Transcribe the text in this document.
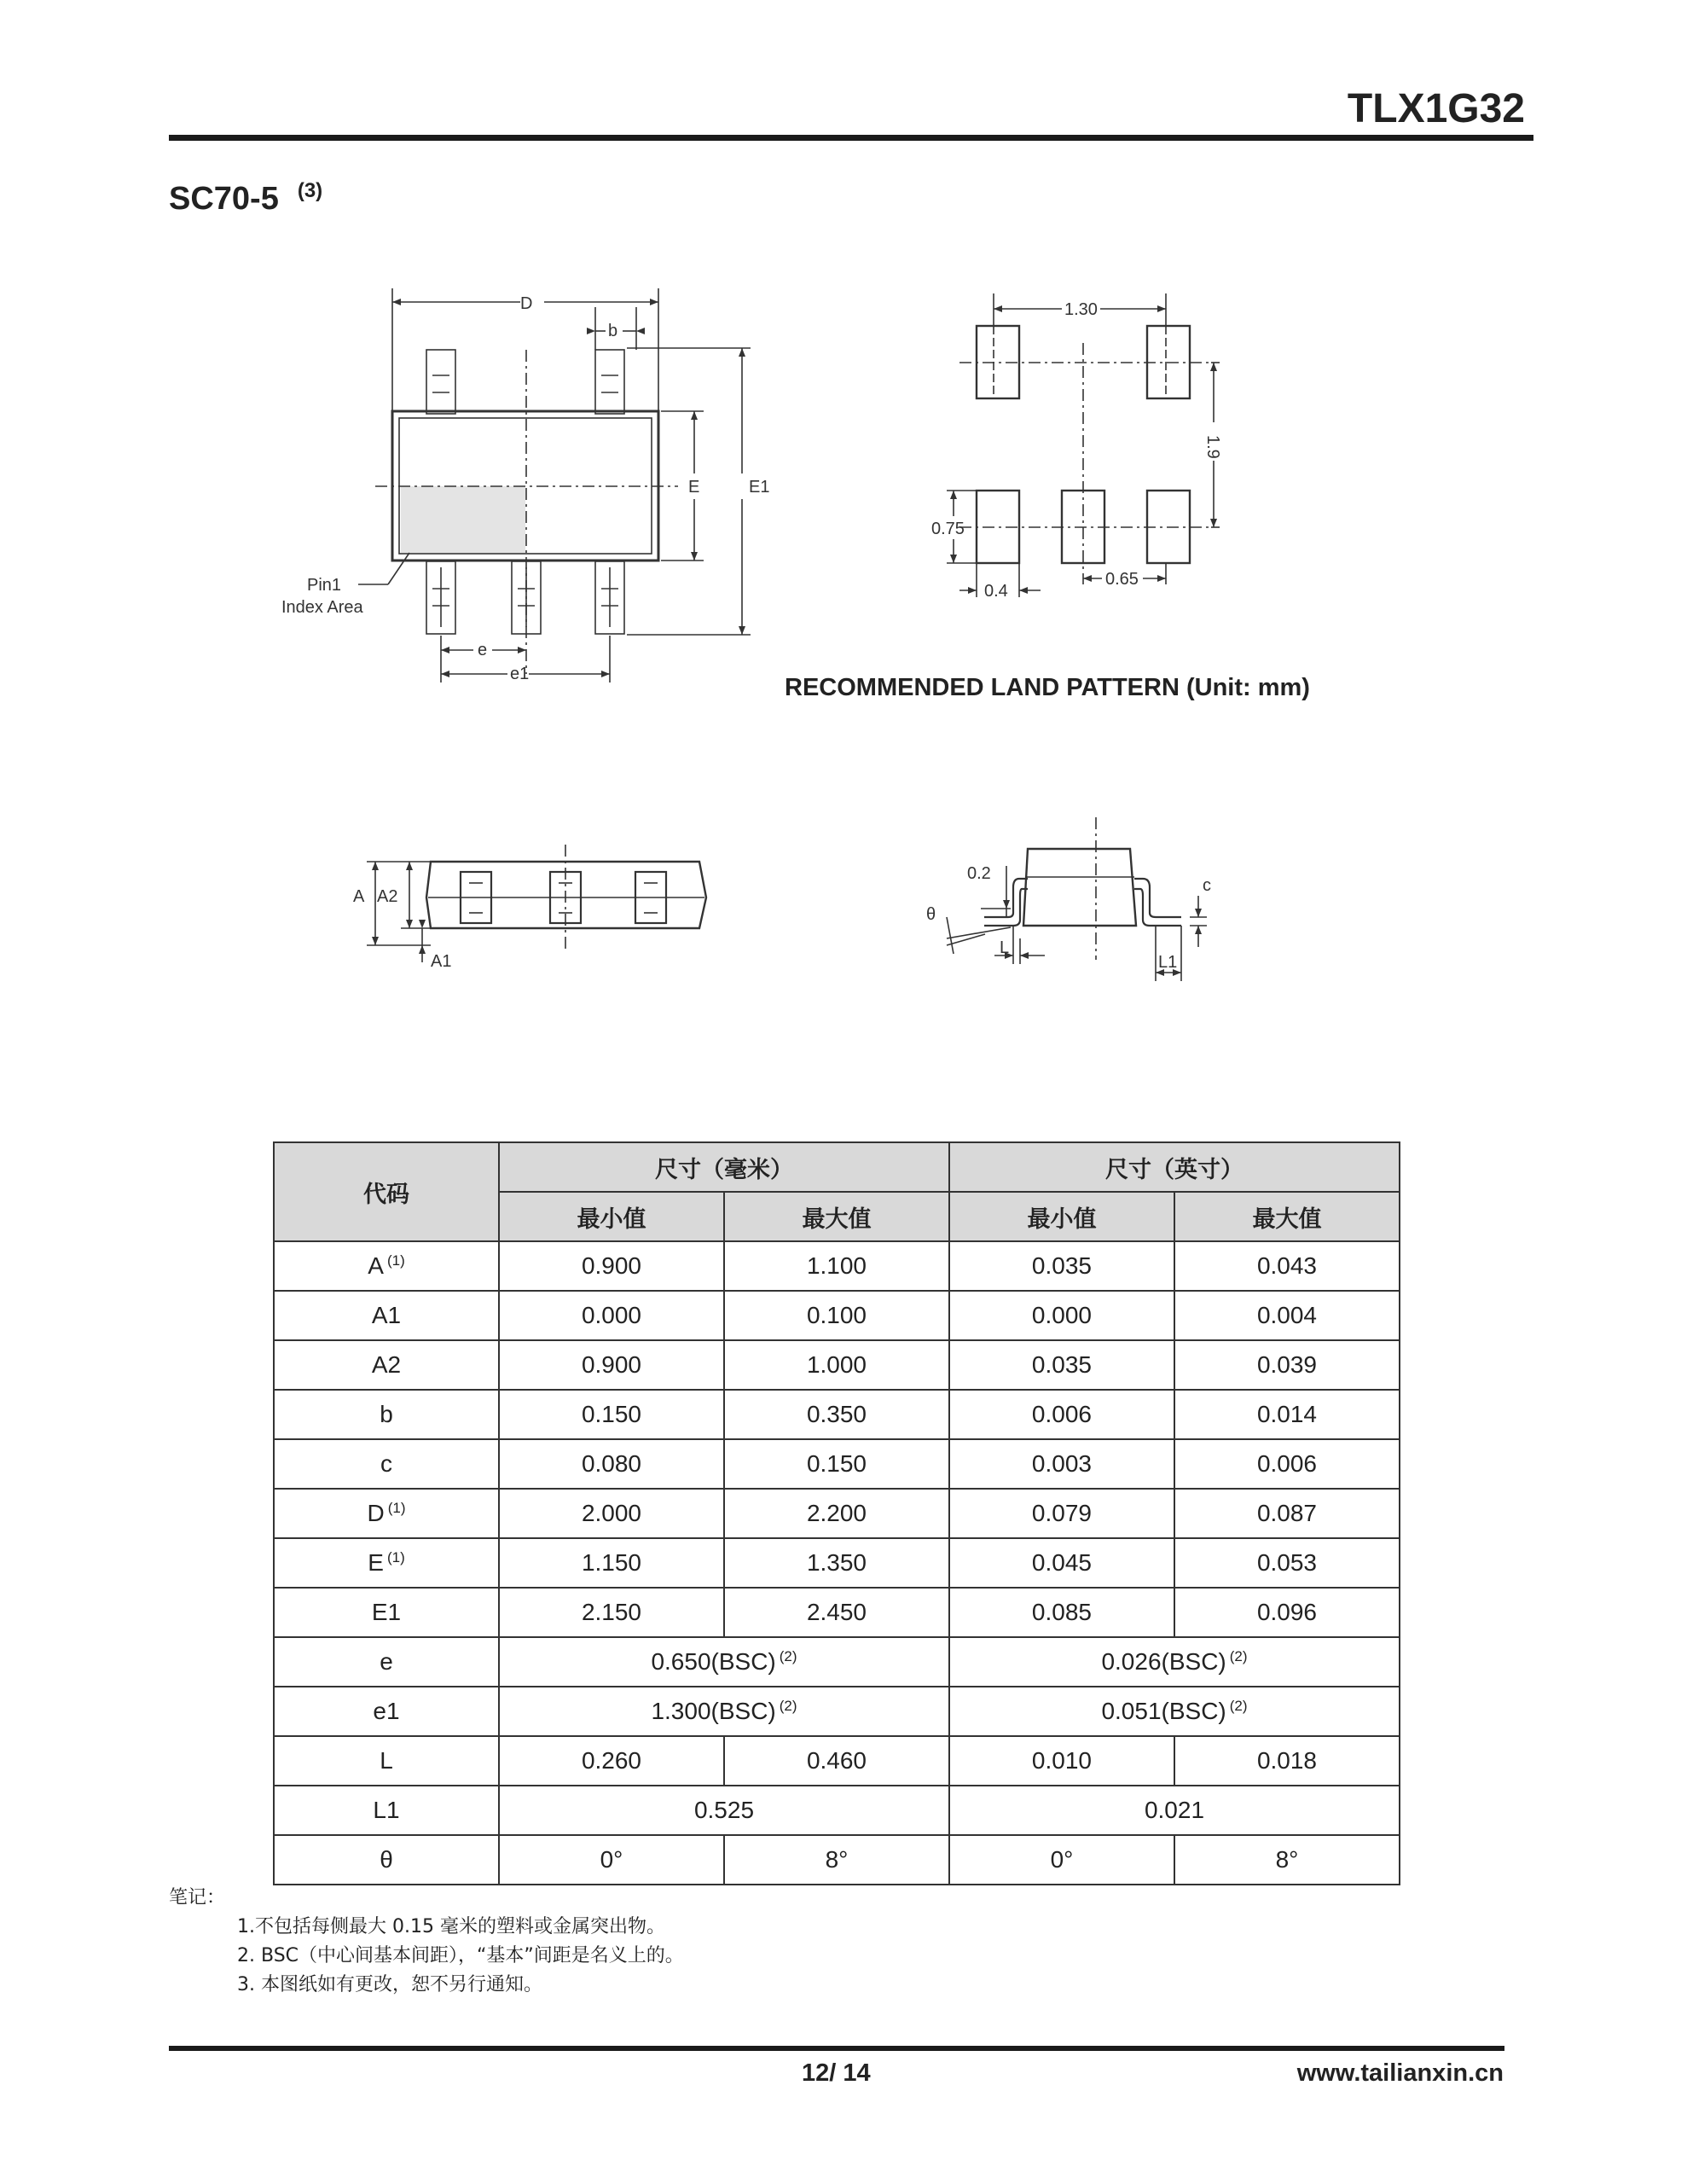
TLX1G32
SC70-5 $^{(3)}$
D
b
E	E1
e
e1
Pin1
Index Area
1.30
1.9
0.75
0.4
0.65
RECOMMENDED LAND PATTERN (Unit: mm)
A A2
A1
0.2
θ
L
L1
c
代码	尺寸（毫米）		尺寸（英寸）	
	最小值	最大值	最小值	最大值
A $^{(1)}$	0.900	1.100	0.035	0.043
A1	0.000	0.100	0.000	0.004
A2	0.900	1.000	0.035	0.039
b	0.150	0.350	0.006	0.014
c	0.080	0.150	0.003	0.006
D $^{(1)}$	2.000	2.200	0.079	0.087
E $^{(1)}$	1.150	1.350	0.045	0.053
E1	2.150	2.450	0.085	0.096
e	0.650(BSC) $^{(2)}$		0.026(BSC) $^{(2)}$
e1	1.300(BSC) $^{(2)}$		0.051(BSC) $^{(2)}$
L	0.260	0.460	0.010	0.018
L1	0.525		0.021	
θ	0°	8°	0°	8°
笔记：
1.不包括每侧最大 0.15 毫米的塑料或金属突出物。
2. BSC（中心间基本间距），“基本”间距是名义上的。
3. 本图纸如有更改，恕不另行通知。
12/ 14	www.tailianxin.cn
